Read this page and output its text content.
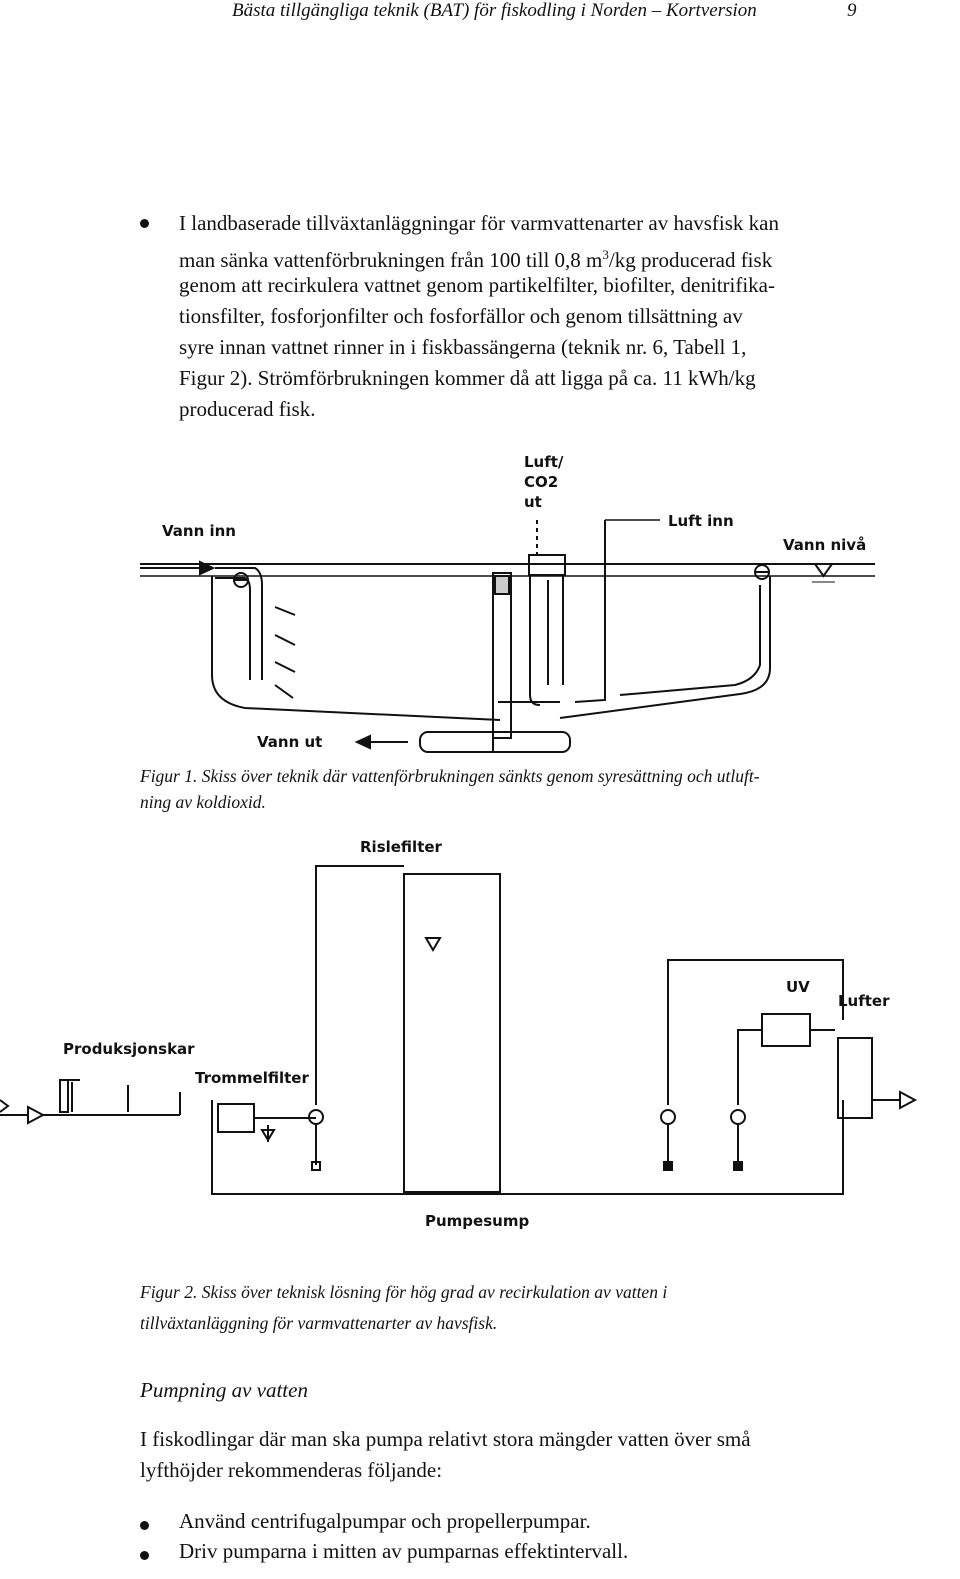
Bästa tillgängliga teknik (BAT) för fiskodling i Norden – Kortversion	9
I landbaserade tillväxtanläggningar för varmvattenarter av havsfisk kan
man sänka vattenförbrukningen från 100 till 0,8 $m^3/kg$ producerad fisk
genom att recirkulera vattnet genom partikelfilter, biofilter, denitrifika-
tionsfilter, fosforjonfilter och fosforfällor och genom tillsättning av
syre innan vattnet rinner in i fiskbassängerna (teknik nr. 6, Tabell 1,
Figur 2). Strömförbrukningen kommer då att ligga på ca. 11 kWh/kg
producerad fisk.
Vann inn
Luft/
CO2
ut
Luft inn
Vann nivå
Vann ut
Figur 1. Skiss över teknik där vattenförbrukningen sänkts genom syresättning och utluft-
ning av koldioxid.
Rislefilter
UV
Lufter
Produksjonskar
Trommelfilter
Pumpesump
Figur 2. Skiss över teknisk lösning för hög grad av recirkulation av vatten i
tillväxtanläggning för varmvattenarter av havsfisk.
Pumpning av vatten
I fiskodlingar där man ska pumpa relativt stora mängder vatten över små
lyfthöjder rekommenderas följande:
Använd centrifugalpumpar och propellerpumpar.
Driv pumparna i mitten av pumparnas effektintervall.
